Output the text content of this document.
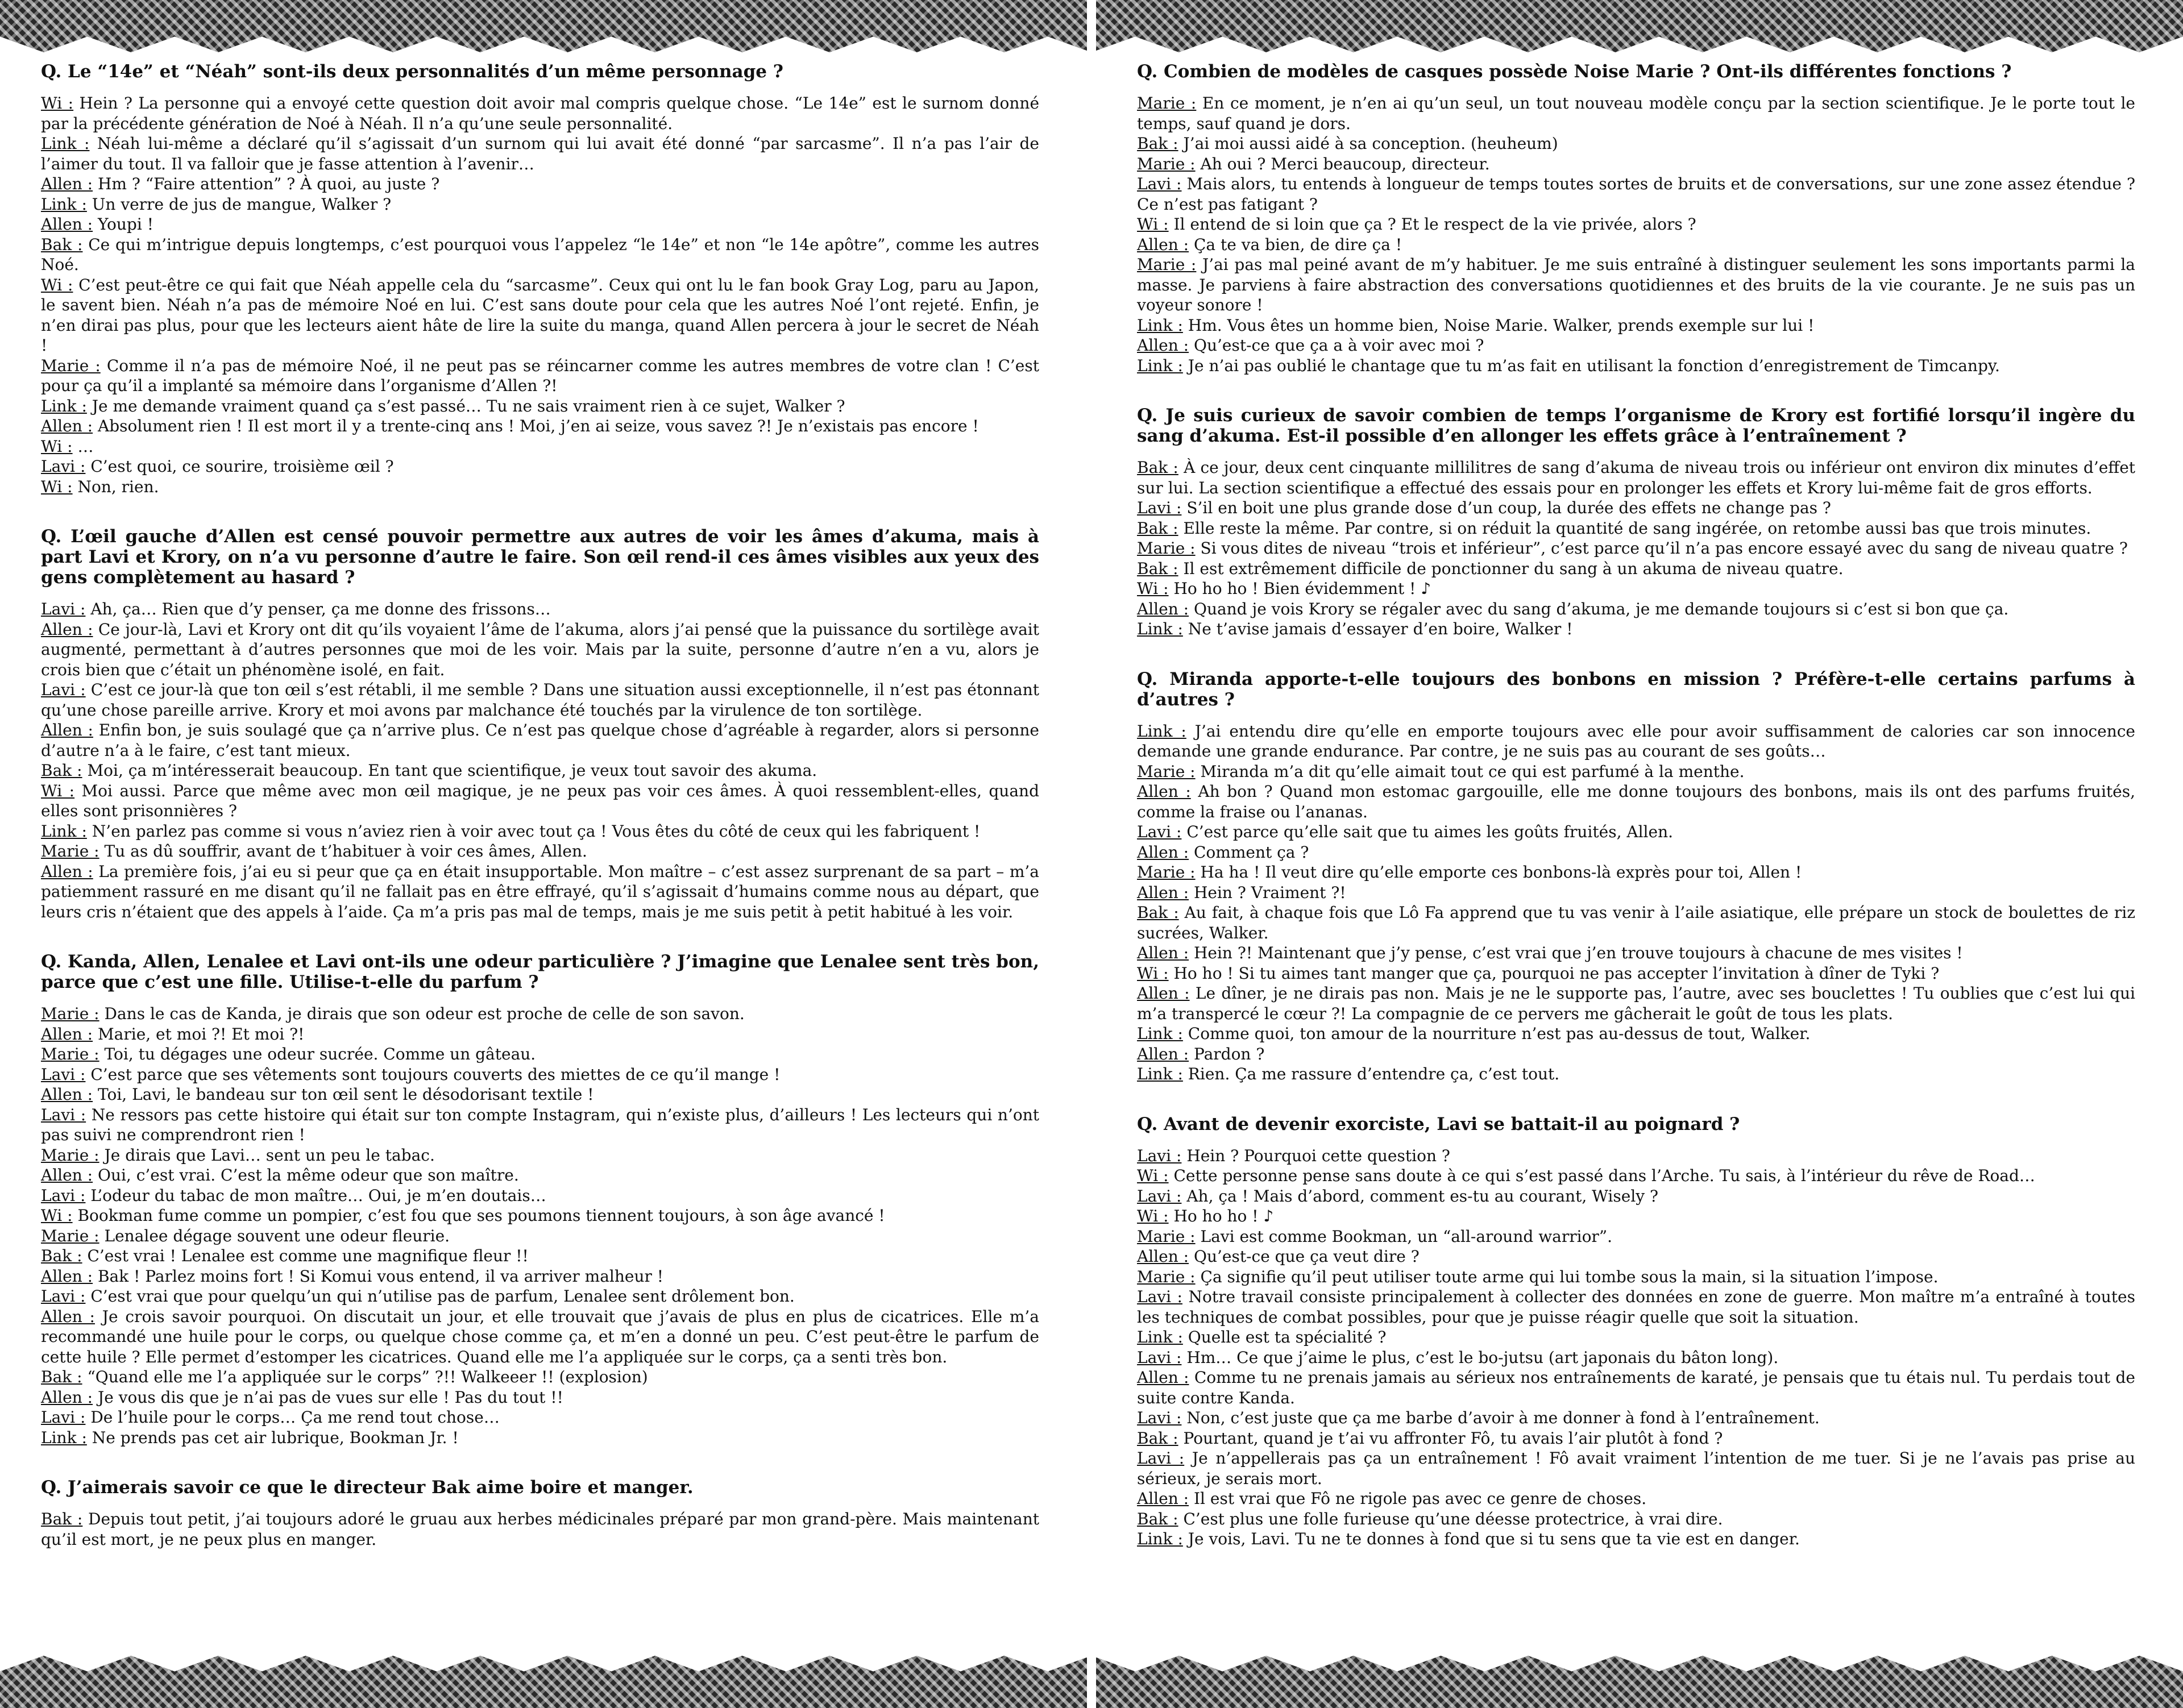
Q. Le “14e” et “Néah” sont-ils deux personnalités d’un même personnage ?

Wi : Hein ? La personne qui a envoyé cette question doit avoir mal compris quelque chose. “Le 14e” est le surnom donné par la précédente génération de Noé à Néah. Il n’a qu’une seule personnalité.

Link : Néah lui-même a déclaré qu’il s’agissait d’un surnom qui lui avait été donné “par sarcasme”. Il n’a pas l’air de l’aimer du tout. Il va falloir que je fasse attention à l’avenir…

Allen : Hm ? “Faire attention” ? À quoi, au juste ?

Link : Un verre de jus de mangue, Walker ?

Allen : Youpi !

Bak : Ce qui m’intrigue depuis longtemps, c’est pourquoi vous l’appelez “le 14e” et non “le 14e apôtre”, comme les autres Noé.

Wi : C’est peut-être ce qui fait que Néah appelle cela du “sarcasme”. Ceux qui ont lu le fan book Gray Log, paru au Japon, le savent bien. Néah n’a pas de mémoire Noé en lui. C’est sans doute pour cela que les autres Noé l’ont rejeté. Enfin, je n’en dirai pas plus, pour que les lecteurs aient hâte de lire la suite du manga, quand Allen percera à jour le secret de Néah !

Marie : Comme il n’a pas de mémoire Noé, il ne peut pas se réincarner comme les autres membres de votre clan ! C’est pour ça qu’il a implanté sa mémoire dans l’organisme d’Allen ?!

Link : Je me demande vraiment quand ça s’est passé… Tu ne sais vraiment rien à ce sujet, Walker ?

Allen : Absolument rien ! Il est mort il y a trente-cinq ans ! Moi, j’en ai seize, vous savez ?! Je n’existais pas encore !

Wi : …

Lavi : C’est quoi, ce sourire, troisième œil ?

Wi : Non, rien.

Q. L’œil gauche d’Allen est censé pouvoir permettre aux autres de voir les âmes d’akuma, mais à part Lavi et Krory, on n’a vu personne d’autre le faire. Son œil rend-il ces âmes visibles aux yeux des gens complètement au hasard ?

Lavi : Ah, ça… Rien que d’y penser, ça me donne des frissons…

Allen : Ce jour-là, Lavi et Krory ont dit qu’ils voyaient l’âme de l’akuma, alors j’ai pensé que la puissance du sortilège avait augmenté, permettant à d’autres personnes que moi de les voir. Mais par la suite, personne d’autre n’en a vu, alors je crois bien que c’était un phénomène isolé, en fait.

Lavi : C’est ce jour-là que ton œil s’est rétabli, il me semble ? Dans une situation aussi exceptionnelle, il n’est pas étonnant qu’une chose pareille arrive. Krory et moi avons par malchance été touchés par la virulence de ton sortilège.

Allen : Enfin bon, je suis soulagé que ça n’arrive plus. Ce n’est pas quelque chose d’agréable à regarder, alors si personne d’autre n’a à le faire, c’est tant mieux.

Bak : Moi, ça m’intéresserait beaucoup. En tant que scientifique, je veux tout savoir des akuma.

Wi : Moi aussi. Parce que même avec mon œil magique, je ne peux pas voir ces âmes. À quoi ressemblent-elles, quand elles sont prisonnières ?

Link : N’en parlez pas comme si vous n’aviez rien à voir avec tout ça ! Vous êtes du côté de ceux qui les fabriquent !

Marie : Tu as dû souffrir, avant de t’habituer à voir ces âmes, Allen.

Allen : La première fois, j’ai eu si peur que ça en était insupportable. Mon maître – c’est assez surprenant de sa part – m’a patiemment rassuré en me disant qu’il ne fallait pas en être effrayé, qu’il s’agissait d’humains comme nous au départ, que leurs cris n’étaient que des appels à l’aide. Ça m’a pris pas mal de temps, mais je me suis petit à petit habitué à les voir.

Q. Kanda, Allen, Lenalee et Lavi ont-ils une odeur particulière ? J’imagine que Lenalee sent très bon, parce que c’est une fille. Utilise-t-elle du parfum ?

Marie : Dans le cas de Kanda, je dirais que son odeur est proche de celle de son savon.

Allen : Marie, et moi ?! Et moi ?!

Marie : Toi, tu dégages une odeur sucrée. Comme un gâteau.

Lavi : C’est parce que ses vêtements sont toujours couverts des miettes de ce qu’il mange !

Allen : Toi, Lavi, le bandeau sur ton œil sent le désodorisant textile !

Lavi : Ne ressors pas cette histoire qui était sur ton compte Instagram, qui n’existe plus, d’ailleurs ! Les lecteurs qui n’ont pas suivi ne comprendront rien !

Marie : Je dirais que Lavi… sent un peu le tabac.

Allen : Oui, c’est vrai. C’est la même odeur que son maître.

Lavi : L’odeur du tabac de mon maître… Oui, je m’en doutais…

Wi : Bookman fume comme un pompier, c’est fou que ses poumons tiennent toujours, à son âge avancé !

Marie : Lenalee dégage souvent une odeur fleurie.

Bak : C’est vrai ! Lenalee est comme une magnifique fleur !!

Allen : Bak ! Parlez moins fort ! Si Komui vous entend, il va arriver malheur !

Lavi : C’est vrai que pour quelqu’un qui n’utilise pas de parfum, Lenalee sent drôlement bon.

Allen : Je crois savoir pourquoi. On discutait un jour, et elle trouvait que j’avais de plus en plus de cicatrices. Elle m’a recommandé une huile pour le corps, ou quelque chose comme ça, et m’en a donné un peu. C’est peut-être le parfum de cette huile ? Elle permet d’estomper les cicatrices. Quand elle me l’a appliquée sur le corps, ça a senti très bon.

Bak : “Quand elle me l’a appliquée sur le corps” ?!! Walkeeer !! (explosion)

Allen : Je vous dis que je n’ai pas de vues sur elle ! Pas du tout !!

Lavi : De l’huile pour le corps… Ça me rend tout chose…

Link : Ne prends pas cet air lubrique, Bookman Jr. !

Q. J’aimerais savoir ce que le directeur Bak aime boire et manger.

Bak : Depuis tout petit, j’ai toujours adoré le gruau aux herbes médicinales préparé par mon grand-père. Mais maintenant qu’il est mort, je ne peux plus en manger.

Q. Combien de modèles de casques possède Noise Marie ? Ont-ils différentes fonctions ?

Marie : En ce moment, je n’en ai qu’un seul, un tout nouveau modèle conçu par la section scientifique. Je le porte tout le temps, sauf quand je dors.

Bak : J’ai moi aussi aidé à sa conception. (heuheum)

Marie : Ah oui ? Merci beaucoup, directeur.

Lavi : Mais alors, tu entends à longueur de temps toutes sortes de bruits et de conversations, sur une zone assez étendue ? Ce n’est pas fatigant ?

Wi : Il entend de si loin que ça ? Et le respect de la vie privée, alors ?

Allen : Ça te va bien, de dire ça !

Marie : J’ai pas mal peiné avant de m’y habituer. Je me suis entraîné à distinguer seulement les sons importants parmi la masse. Je parviens à faire abstraction des conversations quotidiennes et des bruits de la vie courante. Je ne suis pas un voyeur sonore !

Link : Hm. Vous êtes un homme bien, Noise Marie. Walker, prends exemple sur lui !

Allen : Qu’est-ce que ça a à voir avec moi ?

Link : Je n’ai pas oublié le chantage que tu m’as fait en utilisant la fonction d’enregistrement de Timcanpy.

Q. Je suis curieux de savoir combien de temps l’organisme de Krory est fortifié lorsqu’il ingère du sang d’akuma. Est-il possible d’en allonger les effets grâce à l’entraînement ?

Bak : À ce jour, deux cent cinquante millilitres de sang d’akuma de niveau trois ou inférieur ont environ dix minutes d’effet sur lui. La section scientifique a effectué des essais pour en prolonger les effets et Krory lui-même fait de gros efforts.

Lavi : S’il en boit une plus grande dose d’un coup, la durée des effets ne change pas ?

Bak : Elle reste la même. Par contre, si on réduit la quantité de sang ingérée, on retombe aussi bas que trois minutes.

Marie : Si vous dites de niveau “trois et inférieur”, c’est parce qu’il n’a pas encore essayé avec du sang de niveau quatre ?

Bak : Il est extrêmement difficile de ponctionner du sang à un akuma de niveau quatre.

Wi : Ho ho ho ! Bien évidemment ! ♪

Allen : Quand je vois Krory se régaler avec du sang d’akuma, je me demande toujours si c’est si bon que ça.

Link : Ne t’avise jamais d’essayer d’en boire, Walker !

Q. Miranda apporte-t-elle toujours des bonbons en mission ? Préfère-t-elle certains parfums à d’autres ?

Link : J’ai entendu dire qu’elle en emporte toujours avec elle pour avoir suffisamment de calories car son innocence demande une grande endurance. Par contre, je ne suis pas au courant de ses goûts…

Marie : Miranda m’a dit qu’elle aimait tout ce qui est parfumé à la menthe.

Allen : Ah bon ? Quand mon estomac gargouille, elle me donne toujours des bonbons, mais ils ont des parfums fruités, comme la fraise ou l’ananas.

Lavi : C’est parce qu’elle sait que tu aimes les goûts fruités, Allen.

Allen : Comment ça ?

Marie : Ha ha ! Il veut dire qu’elle emporte ces bonbons-là exprès pour toi, Allen !

Allen : Hein ? Vraiment ?!

Bak : Au fait, à chaque fois que Lô Fa apprend que tu vas venir à l’aile asiatique, elle prépare un stock de boulettes de riz sucrées, Walker.

Allen : Hein ?! Maintenant que j’y pense, c’est vrai que j’en trouve toujours à chacune de mes visites !

Wi : Ho ho ! Si tu aimes tant manger que ça, pourquoi ne pas accepter l’invitation à dîner de Tyki ?

Allen : Le dîner, je ne dirais pas non. Mais je ne le supporte pas, l’autre, avec ses bouclettes ! Tu oublies que c’est lui qui m’a transpercé le cœur ?! La compagnie de ce pervers me gâcherait le goût de tous les plats.

Link : Comme quoi, ton amour de la nourriture n’est pas au-dessus de tout, Walker.

Allen : Pardon ?

Link : Rien. Ça me rassure d’entendre ça, c’est tout.

Q. Avant de devenir exorciste, Lavi se battait-il au poignard ?

Lavi : Hein ? Pourquoi cette question ?

Wi : Cette personne pense sans doute à ce qui s’est passé dans l’Arche. Tu sais, à l’intérieur du rêve de Road…

Lavi : Ah, ça ! Mais d’abord, comment es-tu au courant, Wisely ?

Wi : Ho ho ho ! ♪

Marie : Lavi est comme Bookman, un “all-around warrior”.

Allen : Qu’est-ce que ça veut dire ?

Marie : Ça signifie qu’il peut utiliser toute arme qui lui tombe sous la main, si la situation l’impose.

Lavi : Notre travail consiste principalement à collecter des données en zone de guerre. Mon maître m’a entraîné à toutes les techniques de combat possibles, pour que je puisse réagir quelle que soit la situation.

Link : Quelle est ta spécialité ?

Lavi : Hm… Ce que j’aime le plus, c’est le bo-jutsu (art japonais du bâton long).

Allen : Comme tu ne prenais jamais au sérieux nos entraînements de karaté, je pensais que tu étais nul. Tu perdais tout de suite contre Kanda.

Lavi : Non, c’est juste que ça me barbe d’avoir à me donner à fond à l’entraînement.

Bak : Pourtant, quand je t’ai vu affronter Fô, tu avais l’air plutôt à fond ?

Lavi : Je n’appellerais pas ça un entraînement ! Fô avait vraiment l’intention de me tuer. Si je ne l’avais pas prise au sérieux, je serais mort.

Allen : Il est vrai que Fô ne rigole pas avec ce genre de choses.

Bak : C’est plus une folle furieuse qu’une déesse protectrice, à vrai dire.

Link : Je vois, Lavi. Tu ne te donnes à fond que si tu sens que ta vie est en danger.
